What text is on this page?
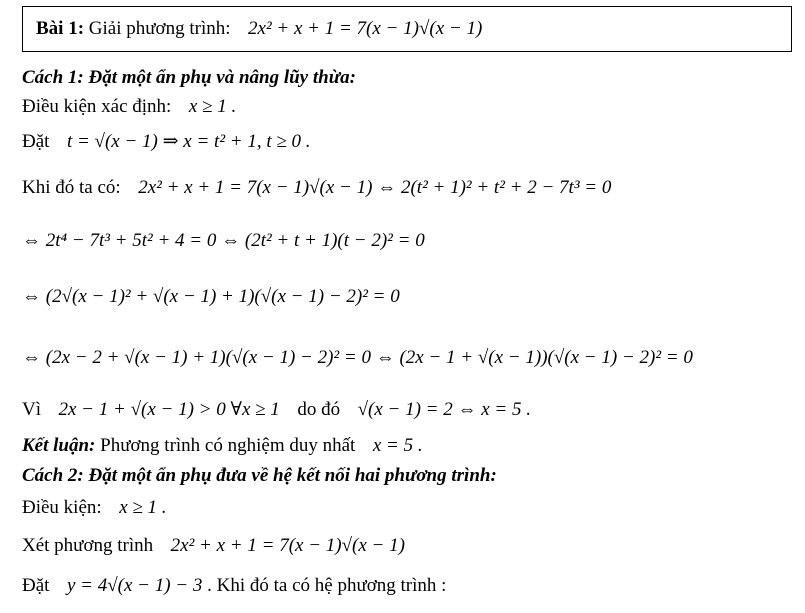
Bài 1: Giải phương trình: 2x² + x + 1 = 7(x − 1)√(x − 1)
Cách 1: Đặt một ẩn phụ và nâng lũy thừa:
Điều kiện xác định: x ≥ 1 .
Đặt t = √(x − 1) ⇒ x = t² + 1, t ≥ 0 .
Khi đó ta có: 2x² + x + 1 = 7(x − 1)√(x − 1) ⇔ 2(t² + 1)² + t² + 2 − 7t³ = 0
⇔ 2t⁴ − 7t³ + 5t² + 4 = 0 ⇔ (2t² + t + 1)(t − 2)² = 0
⇔ (2√(x − 1)² + √(x − 1) + 1)(√(x − 1) − 2)² = 0
⇔ (2x − 2 + √(x − 1) + 1)(√(x − 1) − 2)² = 0 ⇔ (2x − 1 + √(x − 1))(√(x − 1) − 2)² = 0
Vì 2x − 1 + √(x − 1) > 0 ∀x ≥ 1 do đó √(x − 1) = 2 ⇔ x = 5 .
Kết luận: Phương trình có nghiệm duy nhất x = 5 .
Cách 2: Đặt một ẩn phụ đưa về hệ kết nối hai phương trình:
Điều kiện: x ≥ 1 .
Xét phương trình 2x² + x + 1 = 7(x − 1)√(x − 1)
Đặt y = 4√(x − 1) − 3 . Khi đó ta có hệ phương trình :
